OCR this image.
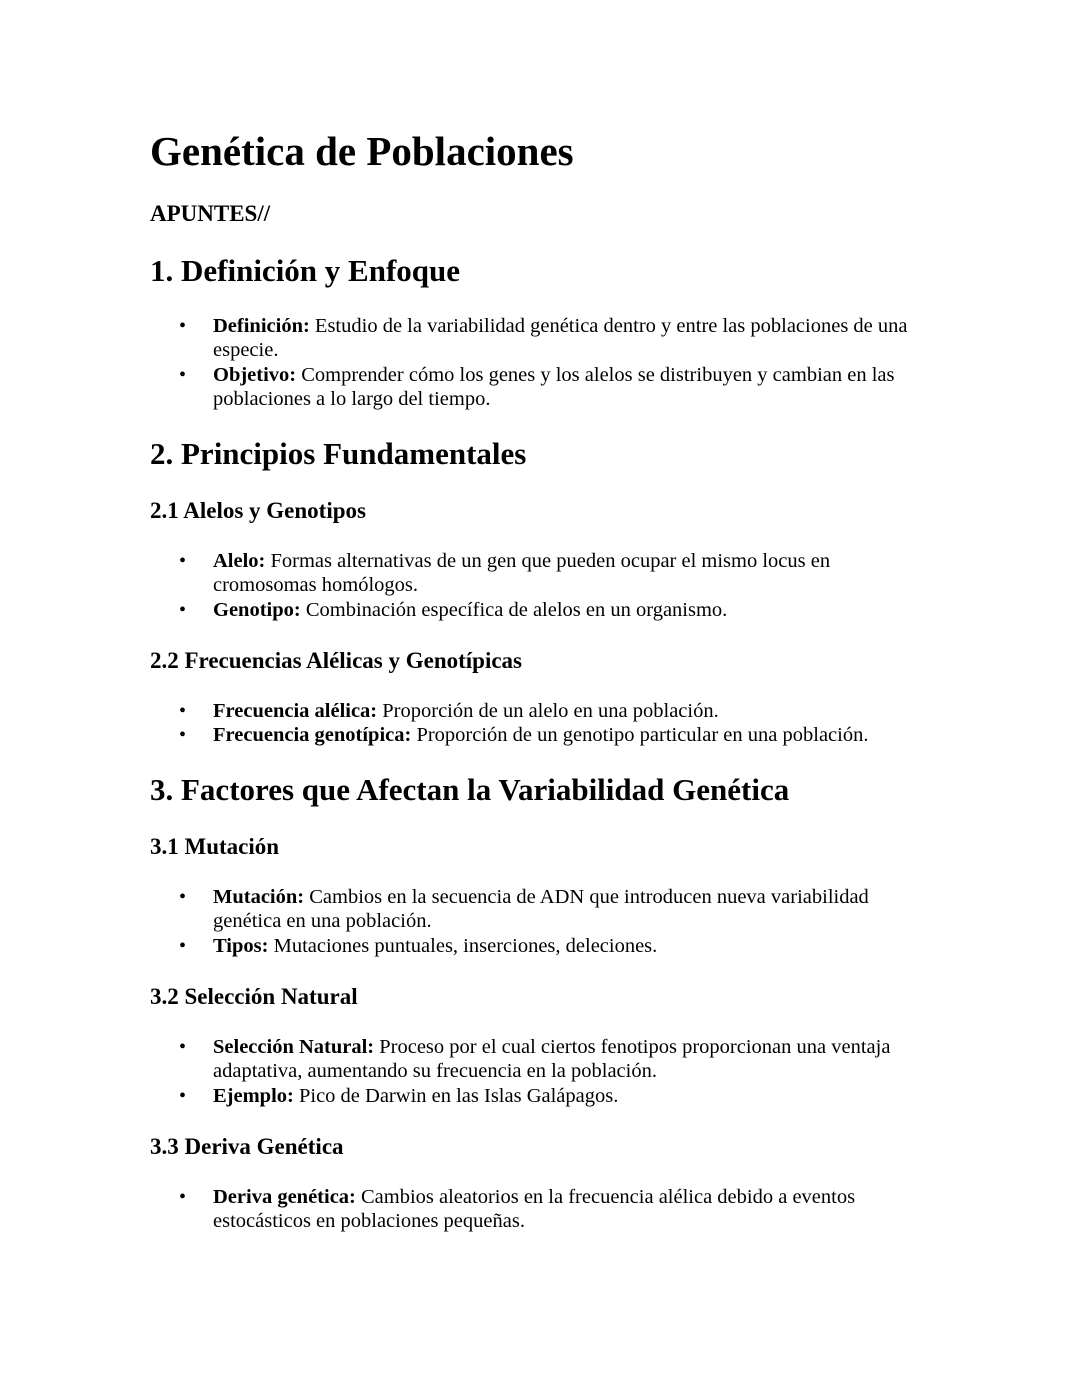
Genética de Poblaciones

APUNTES//

1. Definición y Enfoque
• Definición: Estudio de la variabilidad genética dentro y entre las poblaciones de una especie.
• Objetivo: Comprender cómo los genes y los alelos se distribuyen y cambian en las poblaciones a lo largo del tiempo.
2. Principios Fundamentales
2.1 Alelos y Genotipos
• Alelo: Formas alternativas de un gen que pueden ocupar el mismo locus en cromosomas homólogos.
• Genotipo: Combinación específica de alelos en un organismo.
2.2 Frecuencias Alélicas y Genotípicas
• Frecuencia alélica: Proporción de un alelo en una población.
• Frecuencia genotípica: Proporción de un genotipo particular en una población.
3. Factores que Afectan la Variabilidad Genética
3.1 Mutación
• Mutación: Cambios en la secuencia de ADN que introducen nueva variabilidad genética en una población.
• Tipos: Mutaciones puntuales, inserciones, deleciones.
3.2 Selección Natural
• Selección Natural: Proceso por el cual ciertos fenotipos proporcionan una ventaja adaptativa, aumentando su frecuencia en la población.
• Ejemplo: Pico de Darwin en las Islas Galápagos.
3.3 Deriva Genética
• Deriva genética: Cambios aleatorios en la frecuencia alélica debido a eventos estocásticos en poblaciones pequeñas.
